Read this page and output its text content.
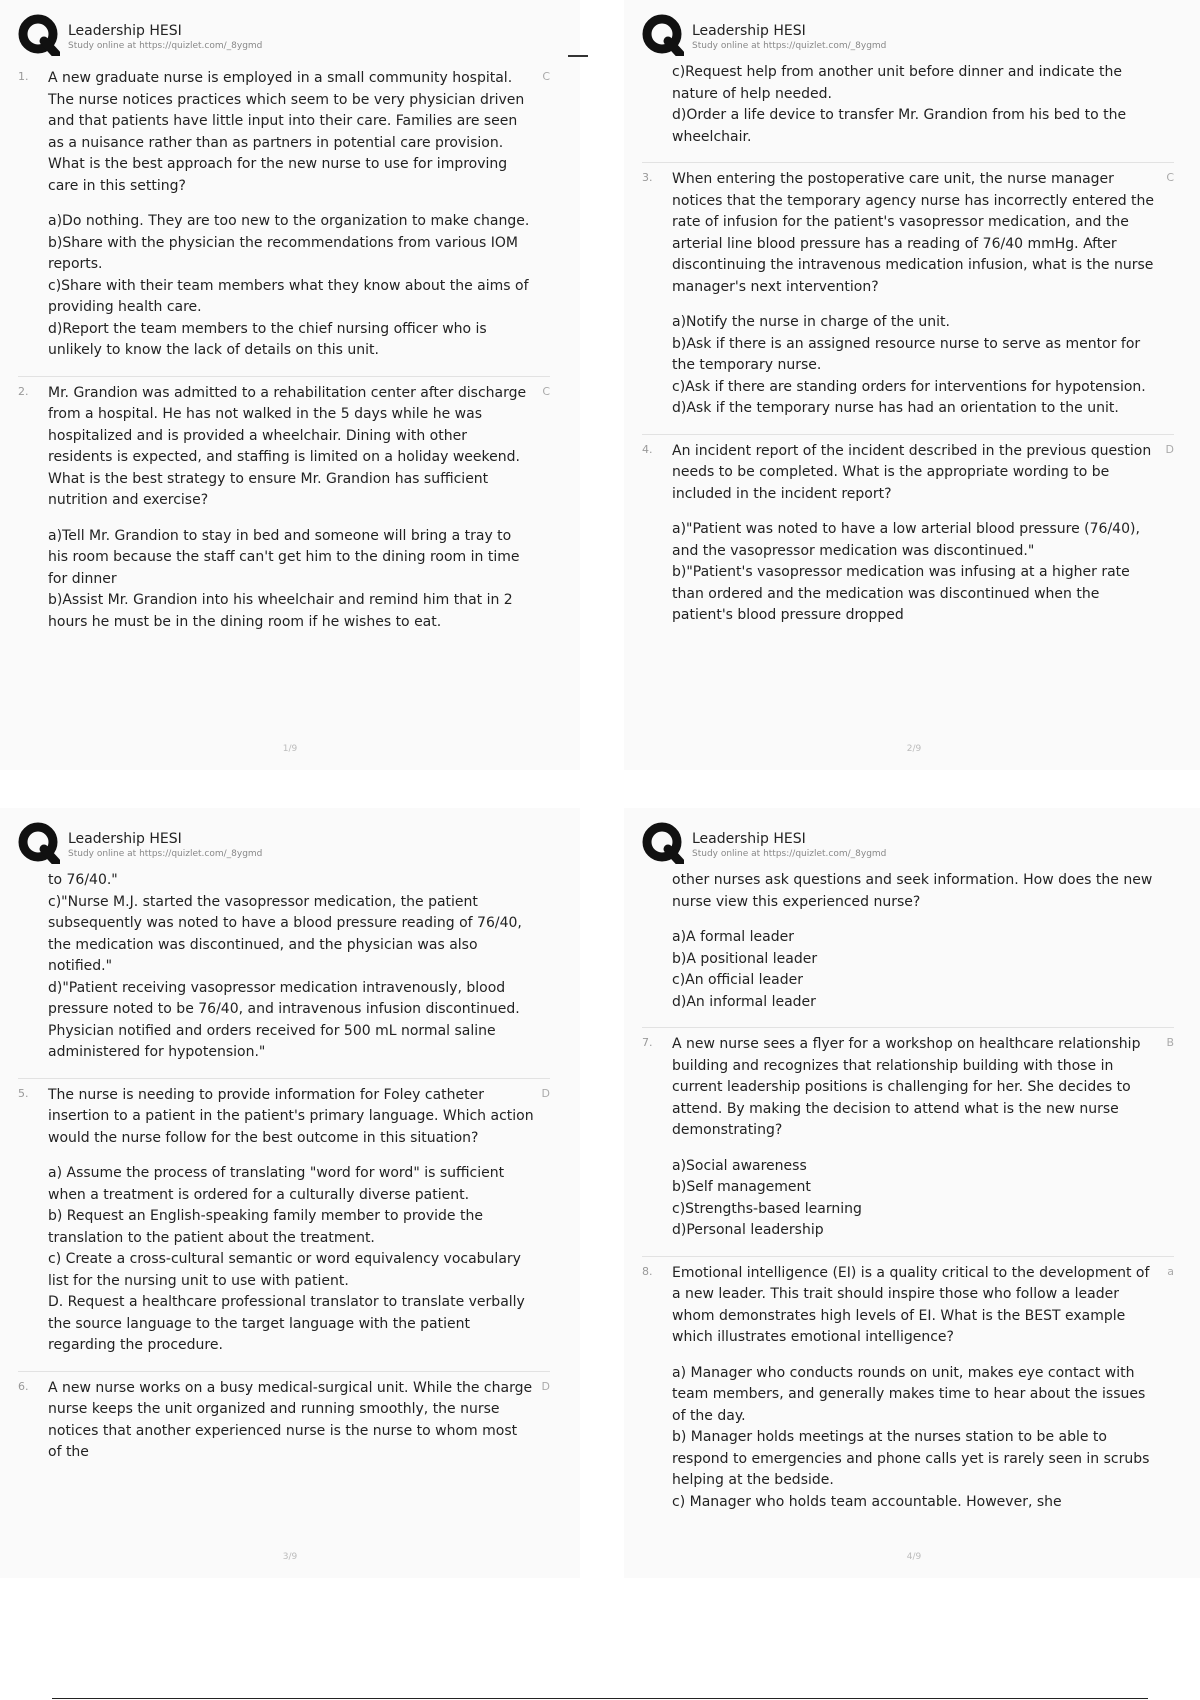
Leadership HESI
Study online at https://quizlet.com/_8ygmd
1.	A new graduate nurse is employed in a small community hospital. The nurse notices practices which seem to be very physician driven and that patients have little input into their care. Families are seen as a nuisance rather than as partners in potential care provision. What is the best approach for the new nurse to use for improving care in this setting?
a)Do nothing. They are too new to the organization to make change.
b)Share with the physician the recommendations from various IOM reports.
c)Share with their team members what they know about the aims of providing health care.
d)Report the team members to the chief nursing officer who is unlikely to know the lack of details on this unit.
C
2.	Mr. Grandion was admitted to a rehabilitation center after discharge from a hospital. He has not walked in the 5 days while he was hospitalized and is provided a wheelchair. Dining with other residents is expected, and staffing is limited on a holiday weekend. What is the best strategy to ensure Mr. Grandion has sufficient nutrition and exercise?
a)Tell Mr. Grandion to stay in bed and someone will bring a tray to his room because the staff can't get him to the dining room in time for dinner
b)Assist Mr. Grandion into his wheelchair and remind him that in 2 hours he must be in the dining room if he wishes to eat.
C
1/9
Leadership HESI
Study online at https://quizlet.com/_8ygmd
c)Request help from another unit before dinner and indicate the nature of help needed.
d)Order a life device to transfer Mr. Grandion from his bed to the wheelchair.
3.	When entering the postoperative care unit, the nurse manager notices that the temporary agency nurse has incorrectly entered the rate of infusion for the patient's vasopressor medication, and the arterial line blood pressure has a reading of 76/40 mmHg. After discontinuing the intravenous medication infusion, what is the nurse manager's next intervention?
a)Notify the nurse in charge of the unit.
b)Ask if there is an assigned resource nurse to serve as mentor for the temporary nurse.
c)Ask if there are standing orders for interventions for hypotension.
d)Ask if the temporary nurse has had an orientation to the unit.
C
4.	An incident report of the incident described in the previous question needs to be completed. What is the appropriate wording to be included in the incident report?
a)"Patient was noted to have a low arterial blood pressure (76/40), and the vasopressor medication was discontinued."
b)"Patient's vasopressor medication was infusing at a higher rate than ordered and the medication was discontinued when the patient's blood pressure dropped
D
2/9
Leadership HESI
Study online at https://quizlet.com/_8ygmd
to 76/40."
c)"Nurse M.J. started the vasopressor medication, the patient subsequently was noted to have a blood pressure reading of 76/40, the medication was discontinued, and the physician was also notified."
d)"Patient receiving vasopressor medication intravenously, blood pressure noted to be 76/40, and intravenous infusion discontinued. Physician notified and orders received for 500 mL normal saline administered for hypotension."
5.	The nurse is needing to provide information for Foley catheter insertion to a patient in the patient's primary language. Which action would the nurse follow for the best outcome in this situation?
a) Assume the process of translating "word for word" is sufficient when a treatment is ordered for a culturally diverse patient.
b) Request an English-speaking family member to provide the translation to the patient about the treatment.
c) Create a cross-cultural semantic or word equivalency vocabulary list for the nursing unit to use with patient.
D. Request a healthcare professional translator to translate verbally the source language to the target language with the patient regarding the procedure.
D
6.	A new nurse works on a busy medical-surgical unit. While the charge nurse keeps the unit organized and running smoothly, the nurse notices that another experienced nurse is the nurse to whom most of the
D
3/9
Leadership HESI
Study online at https://quizlet.com/_8ygmd
other nurses ask questions and seek information. How does the new nurse view this experienced nurse?
a)A formal leader
b)A positional leader
c)An official leader
d)An informal leader
7.	A new nurse sees a flyer for a workshop on healthcare relationship building and recognizes that relationship building with those in current leadership positions is challenging for her. She decides to attend. By making the decision to attend what is the new nurse demonstrating?
a)Social awareness
b)Self management
c)Strengths-based learning
d)Personal leadership
B
8.	Emotional intelligence (EI) is a quality critical to the development of a new leader. This trait should inspire those who follow a leader whom demonstrates high levels of EI. What is the BEST example which illustrates emotional intelligence?
a) Manager who conducts rounds on unit, makes eye contact with team members, and generally makes time to hear about the issues of the day.
b) Manager holds meetings at the nurses station to be able to respond to emergencies and phone calls yet is rarely seen in scrubs helping at the bedside.
c) Manager who holds team accountable. However, she
a
4/9
